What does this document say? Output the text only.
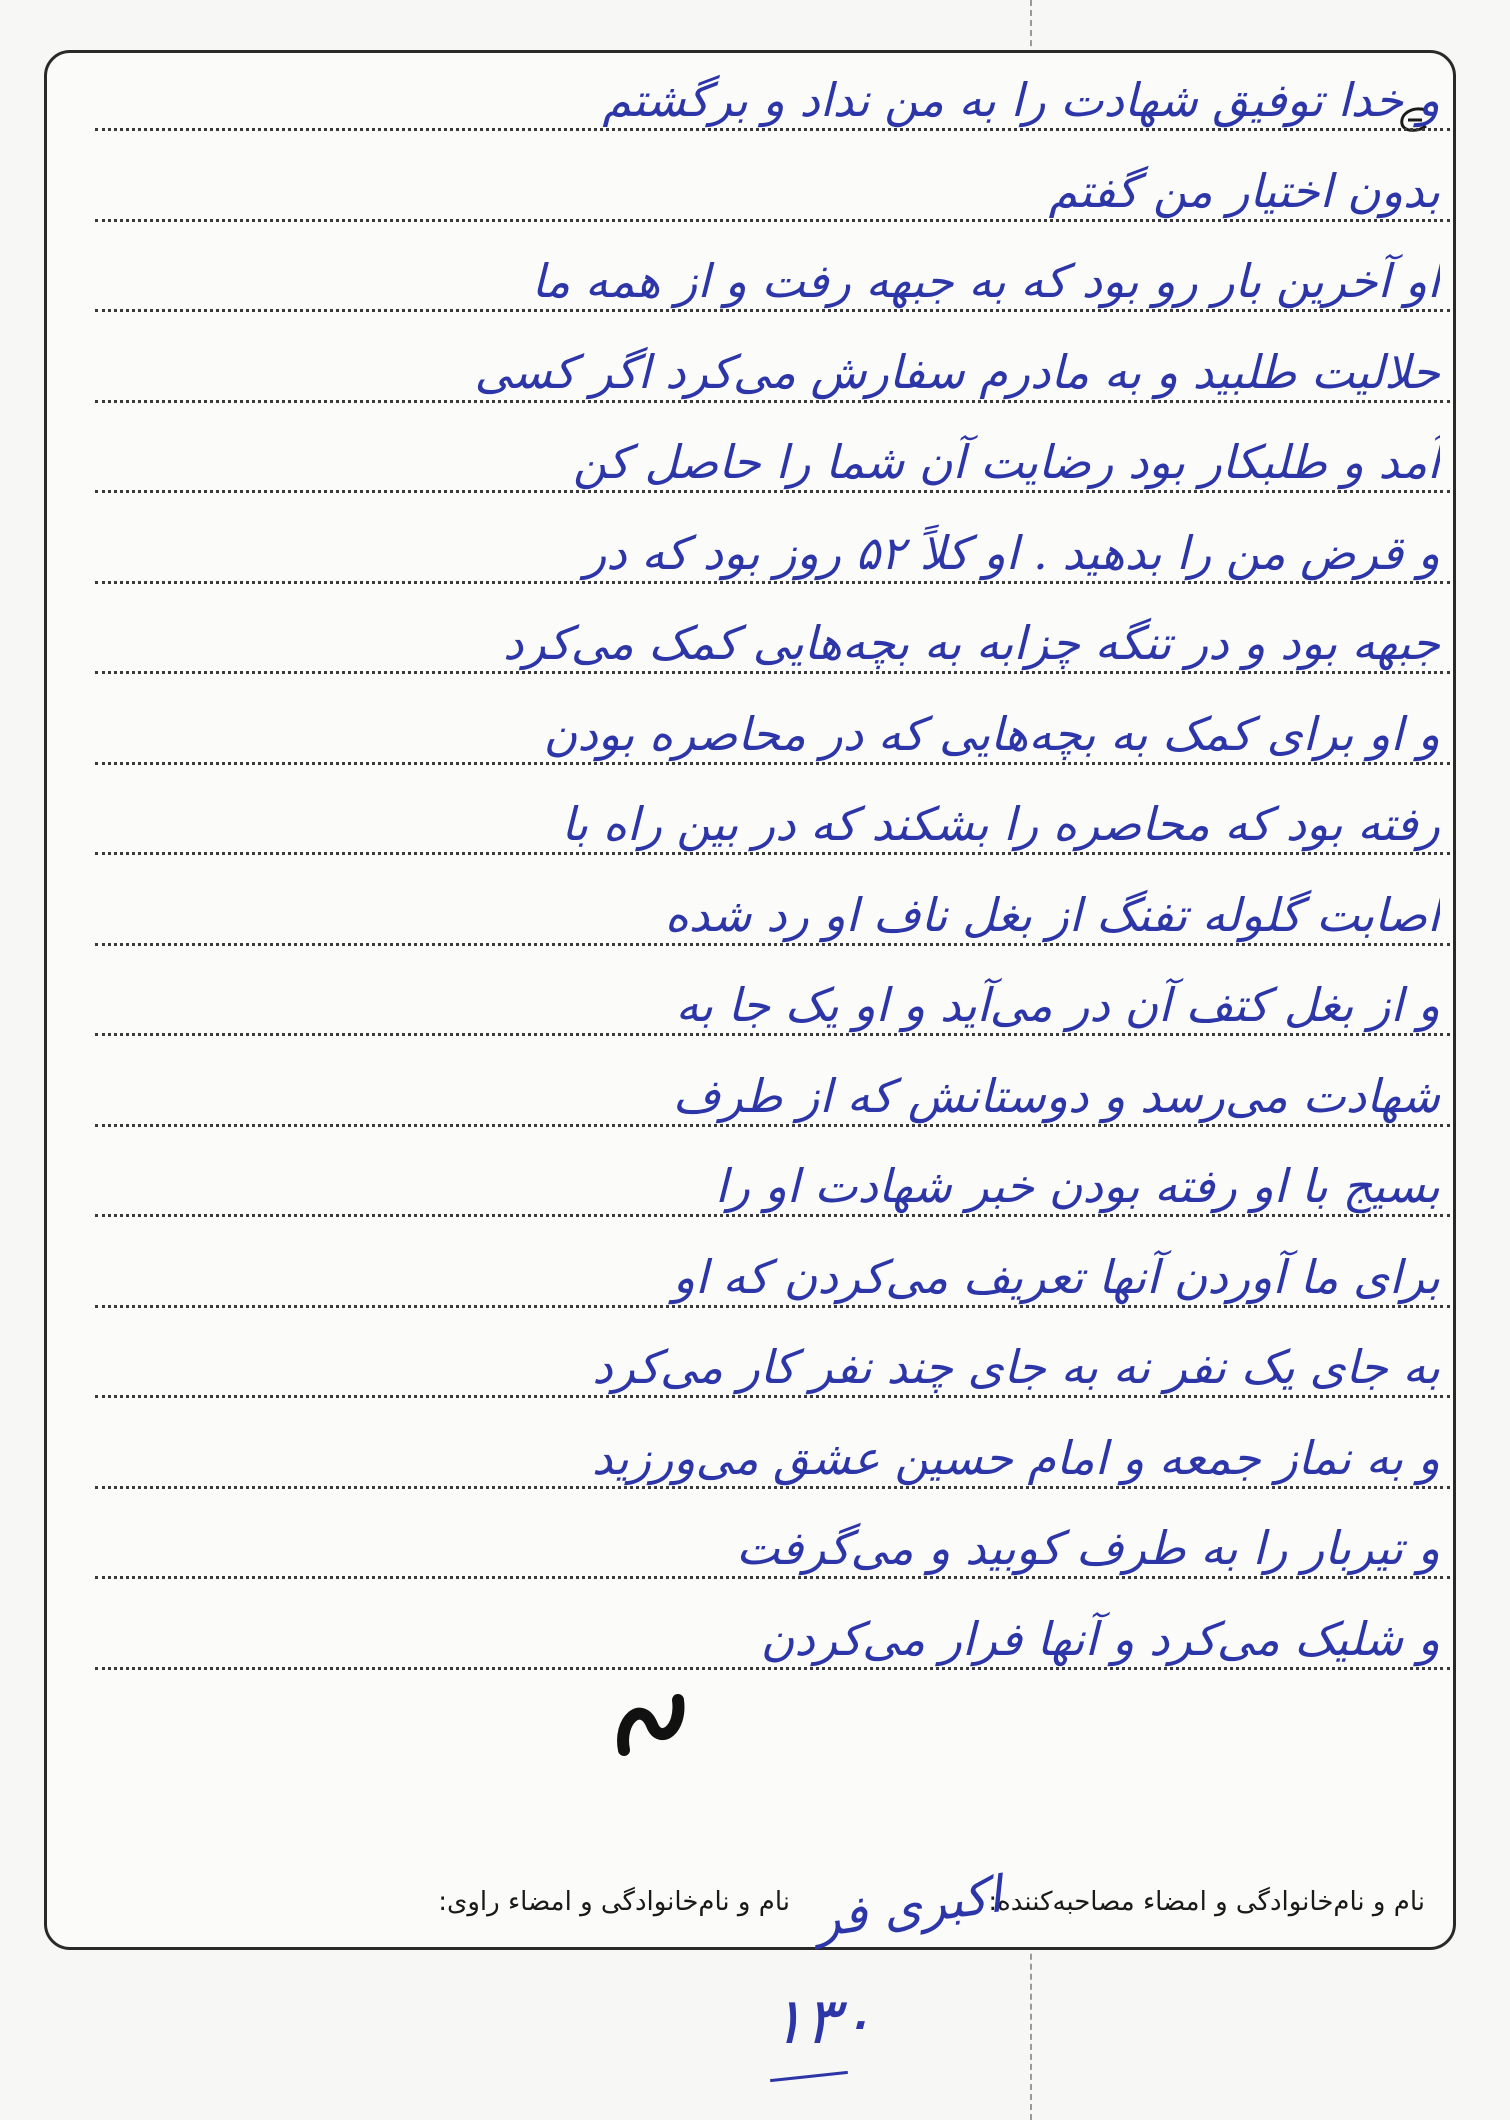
و خدا توفیق شهادت را به من نداد و برگشتم
بدون اختیار من گفتم
او آخرین بار رو بود که به جبهه رفت و از همه ما
حلالیت طلبید و به مادرم سفارش می‌کرد اگر کسی
آمد و طلبکار بود رضایت آن شما را حاصل کن
و قرض من را بدهید . او کلاً ۵۲ روز بود که در
جبهه بود و در تنگه چزابه به بچه‌هایی کمک می‌کرد
و او برای کمک به بچه‌هایی که در محاصره بودن
رفته بود که محاصره را بشکند که در بین راه با
اصابت گلوله تفنگ از بغل ناف او رد شده
و از بغل کتف آن در می‌آید و او یک جا به
شهادت می‌رسد و دوستانش که از طرف
بسیج با او رفته بودن خبر شهادت او را
برای ما آوردن آنها تعریف می‌کردن که او
به جای یک نفر نه به جای چند نفر کار می‌کرد
و به نماز جمعه و امام حسین عشق می‌ورزید
و تیربار را به طرف کوبید و می‌گرفت
و شلیک می‌کرد و آنها فرار می‌کردن
نام و نام‌خانوادگی و امضاء مصاحبه‌کننده:
نام و نام‌خانوادگی و امضاء راوی: اکبری فر
۱۳۰
